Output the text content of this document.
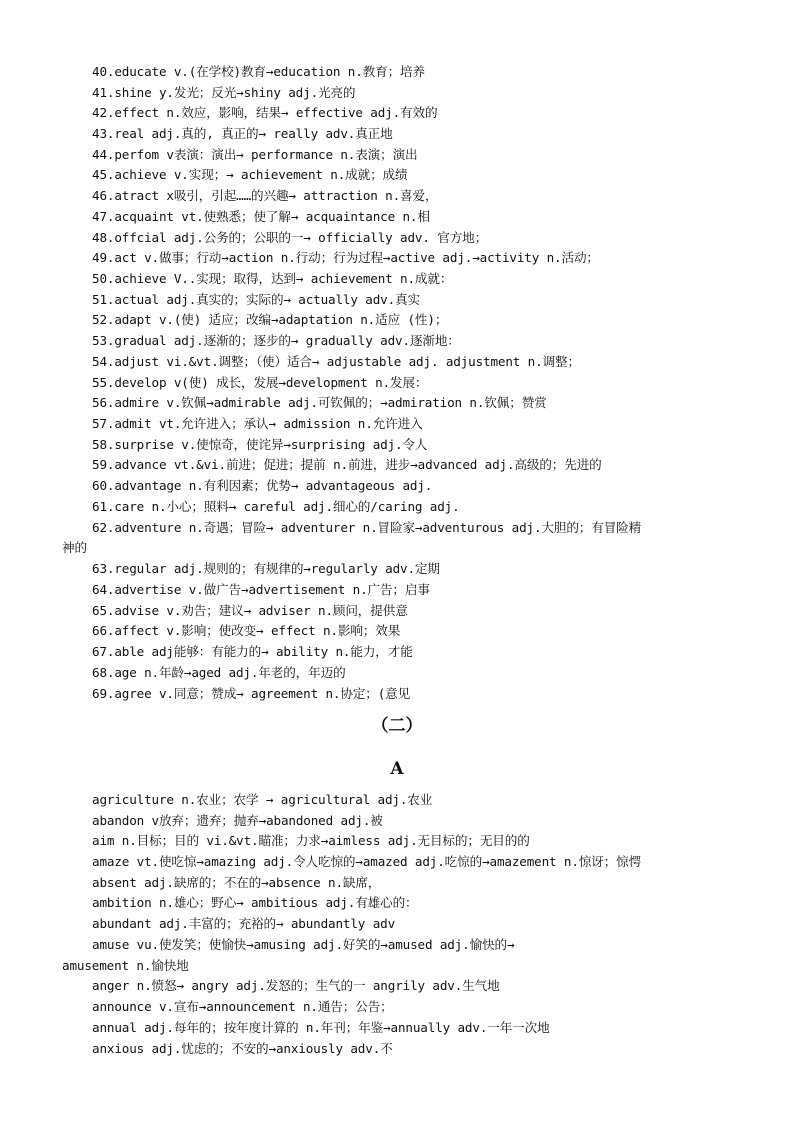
40.educate v.(在学校)教育→education n.教育；培养
41.shine y.发光；反光→shiny adj.光亮的
42.effect n.效应，影响，结果→ effective adj.有效的
43.real adj.真的, 真正的→ really adv.真正地
44.perfom v表演：演出→ performance n.表演；演出
45.achieve v.实现；→ achievement n.成就；成绩
46.atract x吸引，引起……的兴趣→ attraction n.喜爱，
47.acquaint vt.使熟悉；使了解→ acquaintance n.相
48.offcial adj.公务的；公职的一→ officially adv. 官方地；
49.act v.做事；行动→action n.行动；行为过程→active adj.→activity n.活动；
50.achieve V..实现；取得，达到→ achievement n.成就：
51.actual adj.真实的；实际的→ actually adv.真实
52.adapt v.(使) 适应；改编→adaptation n.适应 (性)；
53.gradual adj.逐渐的；逐步的→ gradually adv.逐渐地：
54.adjust vi.&vt.调整；（使）适合→ adjustable adj. adjustment n.调整；
55.develop v(使) 成长，发展→development n.发展：
56.admire v.钦佩→admirable adj.可钦佩的；→admiration n.钦佩；赞赏
57.admit vt.允许进入；承认→ admission n.允许进入
58.surprise v.使惊奇，使诧异→surprising adj.令人
59.advance vt.&vi.前进；促进；提前 n.前进，进步→advanced adj.高级的；先进的
60.advantage n.有利因素；优势→ advantageous adj.
61.care n.小心；照料→ careful adj.细心的/caring adj.
62.adventure n.奇遇；冒险→ adventurer n.冒险家→adventurous adj.大胆的；有冒险精
神的
63.regular adj.规则的；有规律的→regularly adv.定期
64.advertise v.做广告→advertisement n.广告；启事
65.advise v.劝告；建议→ adviser n.顾问，提供意
66.affect v.影响；使改变→ effect n.影响；效果
67.able adj能够：有能力的→ ability n.能力，才能
68.age n.年龄→aged adj.年老的，年迈的
69.agree v.同意；赞成→ agreement n.协定；(意见
（二）
A
agriculture n.农业；农学 → agricultural adj.农业
abandon v放弃；遗弃；抛弃→abandoned adj.被
aim n.目标；目的 vi.&vt.瞄准；力求→aimless adj.无目标的；无目的的
amaze vt.使吃惊→amazing adj.令人吃惊的→amazed adj.吃惊的→amazement n.惊讶；惊愕
absent adj.缺席的；不在的→absence n.缺席，
ambition n.雄心；野心→ ambitious adj.有雄心的：
abundant adj.丰富的；充裕的→ abundantly adv
amuse vu.使发笑；使愉快→amusing adj.好笑的→amused adj.愉快的→
amusement n.愉快地
anger n.愤怒→ angry adj.发怒的；生气的一 angrily adv.生气地
announce v.宣布→announcement n.通告；公告；
annual adj.每年的；按年度计算的 n.年刊；年鉴→annually adv.一年一次地
anxious adj.忧虑的；不安的→anxiously adv.不
